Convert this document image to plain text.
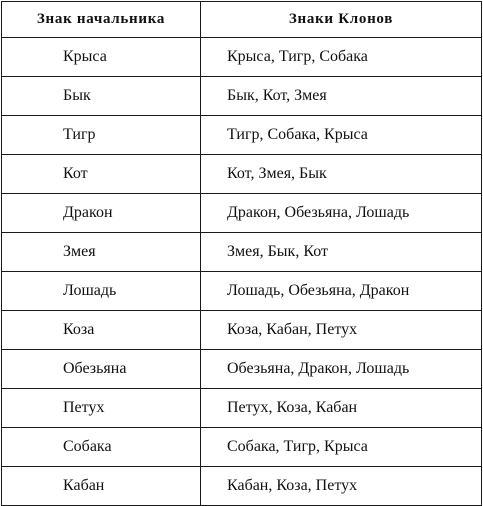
Знак начальника	Знаки Клонов
Крыса	Крыса, Тигр, Собака
Бык	Бык, Кот, Змея
Тигр	Тигр, Собака, Крыса
Кот	Кот, Змея, Бык
Дракон	Дракон, Обезьяна, Лошадь
Змея	Змея, Бык, Кот
Лошадь	Лошадь, Обезьяна, Дракон
Коза	Коза, Кабан, Петух
Обезьяна	Обезьяна, Дракон, Лошадь
Петух	Петух, Коза, Кабан
Собака	Собака, Тигр, Крыса
Кабан	Кабан, Коза, Петух
